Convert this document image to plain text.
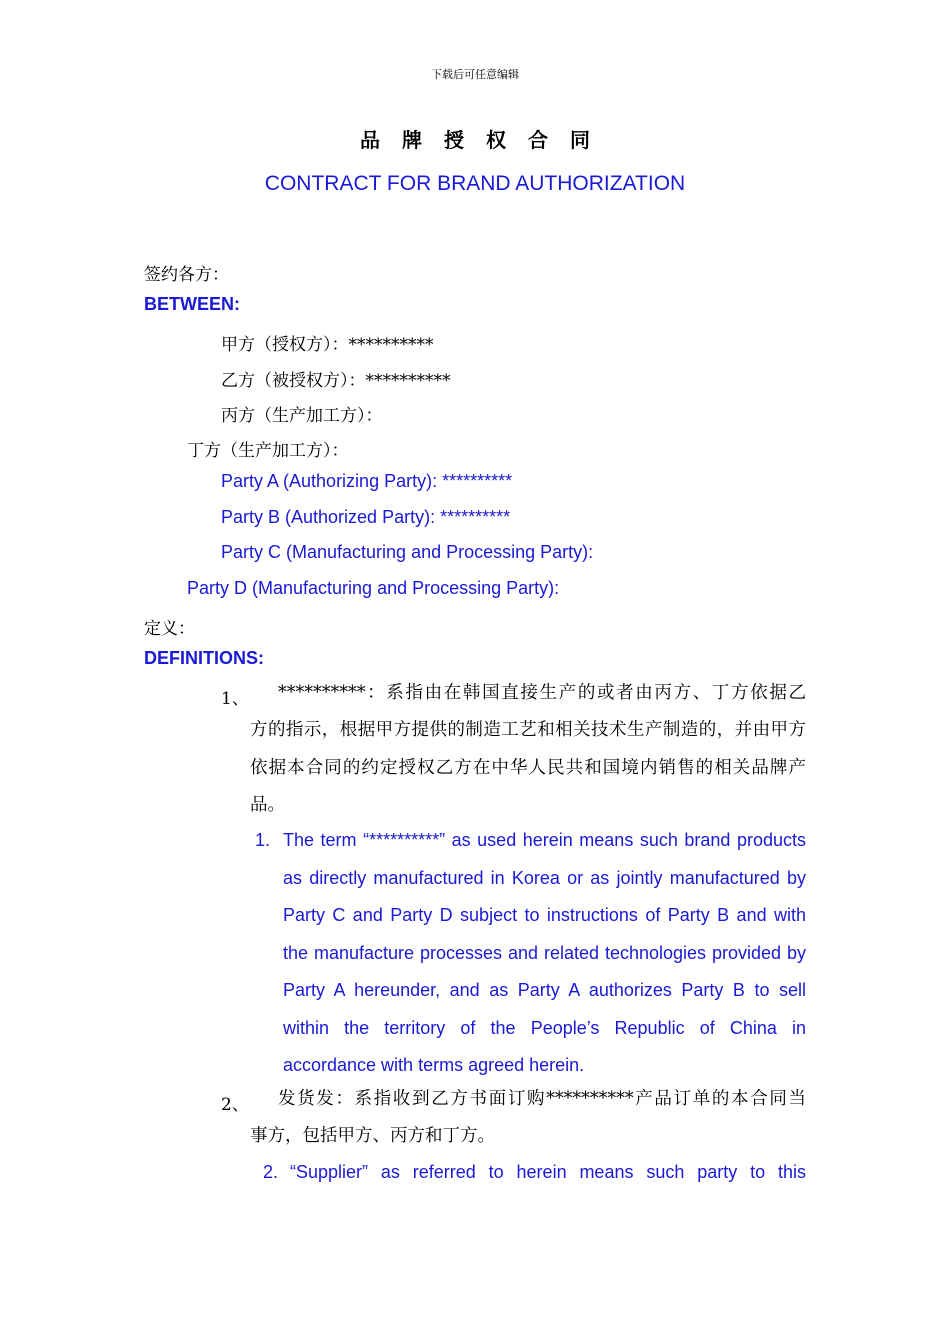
下载后可任意编辑
品牌授权合同
CONTRACT FOR BRAND AUTHORIZATION
签约各方：
BETWEEN:
甲方（授权方）：**********
乙方（被授权方）：**********
丙方（生产加工方）：
丁方（生产加工方）：
Party A (Authorizing Party): **********
Party B (Authorized Party): **********
Party C (Manufacturing and Processing Party):
Party D (Manufacturing and Processing Party):
定义：
DEFINITIONS:
1、 **********：系指由在韩国直接生产的或者由丙方、丁方依据乙
方的指示，根据甲方提供的制造工艺和相关技术生产制造的，并由甲方依据本合同的约定授权乙方在中华人民共和国境内销售的相关品牌产品。
1. The term “**********” as used herein means such brand products as directly manufactured in Korea or as jointly manufactured by Party C and Party D subject to instructions of Party B and with the manufacture processes and related technologies provided by Party A hereunder, and as Party A authorizes Party B to sell within the territory of the People’s Republic of China in accordance with terms agreed herein.
2、 发货发：系指收到乙方书面订购**********产品订单的本合同当
事方，包括甲方、丙方和丁方。
2. “Supplier” as referred to herein means such party to this
